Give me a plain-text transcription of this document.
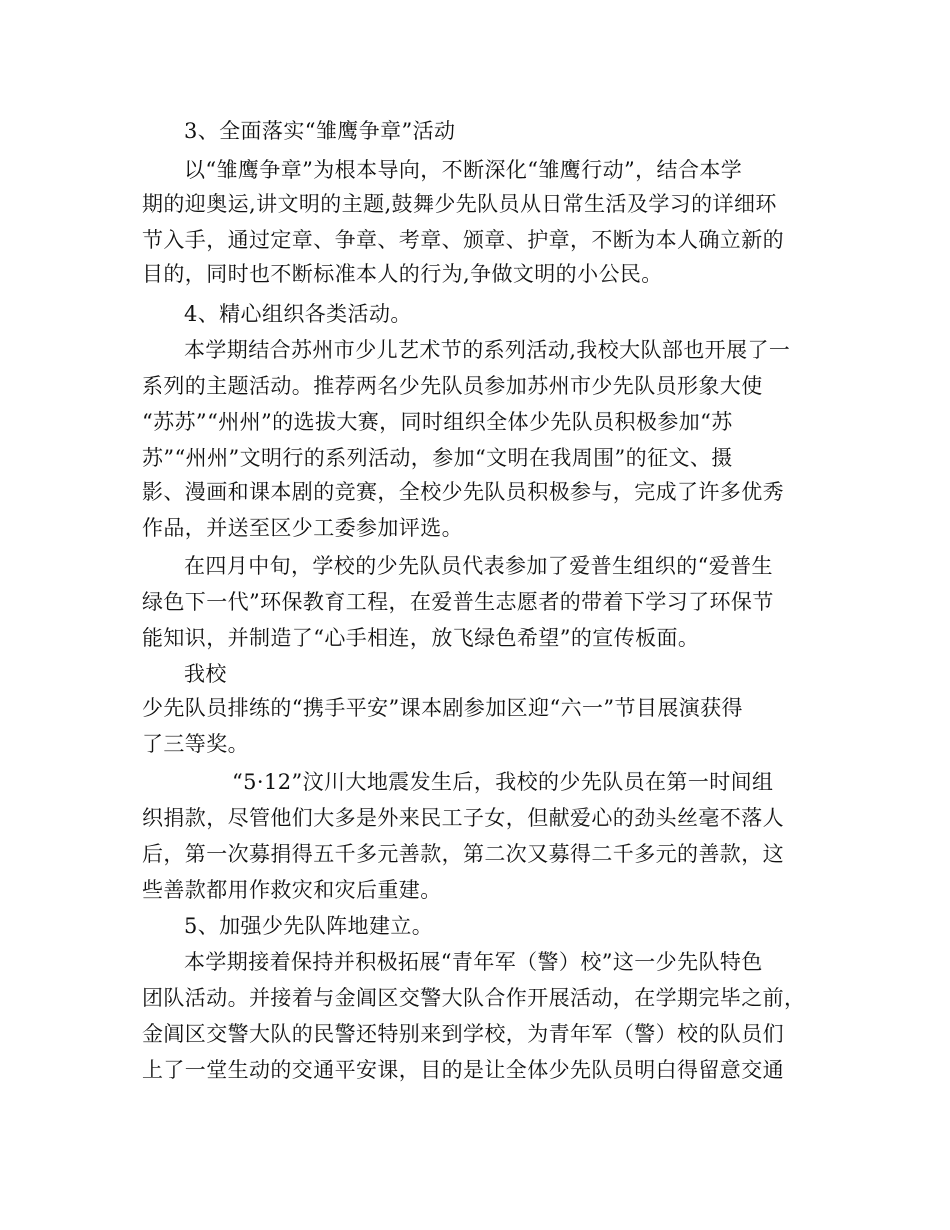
3、全面落实“雏鹰争章”活动
以“雏鹰争章”为根本导向，不断深化“雏鹰行动”，结合本学
期的迎奥运,讲文明的主题,鼓舞少先队员从日常生活及学习的详细环
节入手，通过定章、争章、考章、颁章、护章，不断为本人确立新的
目的，同时也不断标准本人的行为,争做文明的小公民。
4、精心组织各类活动。
本学期结合苏州市少儿艺术节的系列活动,我校大队部也开展了一
系列的主题活动。推荐两名少先队员参加苏州市少先队员形象大使
“苏苏”“州州”的选拔大赛，同时组织全体少先队员积极参加“苏
苏”“州州”文明行的系列活动，参加“文明在我周围”的征文、摄
影、漫画和课本剧的竞赛，全校少先队员积极参与，完成了许多优秀
作品，并送至区少工委参加评选。
在四月中旬，学校的少先队员代表参加了爱普生组织的“爱普生
绿色下一代”环保教育工程，在爱普生志愿者的带着下学习了环保节
能知识，并制造了“心手相连，放飞绿色希望”的宣传板面。
我校
少先队员排练的“携手平安”课本剧参加区迎“六一”节目展演获得
了三等奖。
“5·12”汶川大地震发生后，我校的少先队员在第一时间组
织捐款，尽管他们大多是外来民工子女，但献爱心的劲头丝毫不落人
后，第一次募捐得五千多元善款，第二次又募得二千多元的善款，这
些善款都用作救灾和灾后重建。
5、加强少先队阵地建立。
本学期接着保持并积极拓展“青年军（警）校”这一少先队特色
团队活动。并接着与金阊区交警大队合作开展活动，在学期完毕之前，
金阊区交警大队的民警还特别来到学校，为青年军（警）校的队员们
上了一堂生动的交通平安课，目的是让全体少先队员明白得留意交通
